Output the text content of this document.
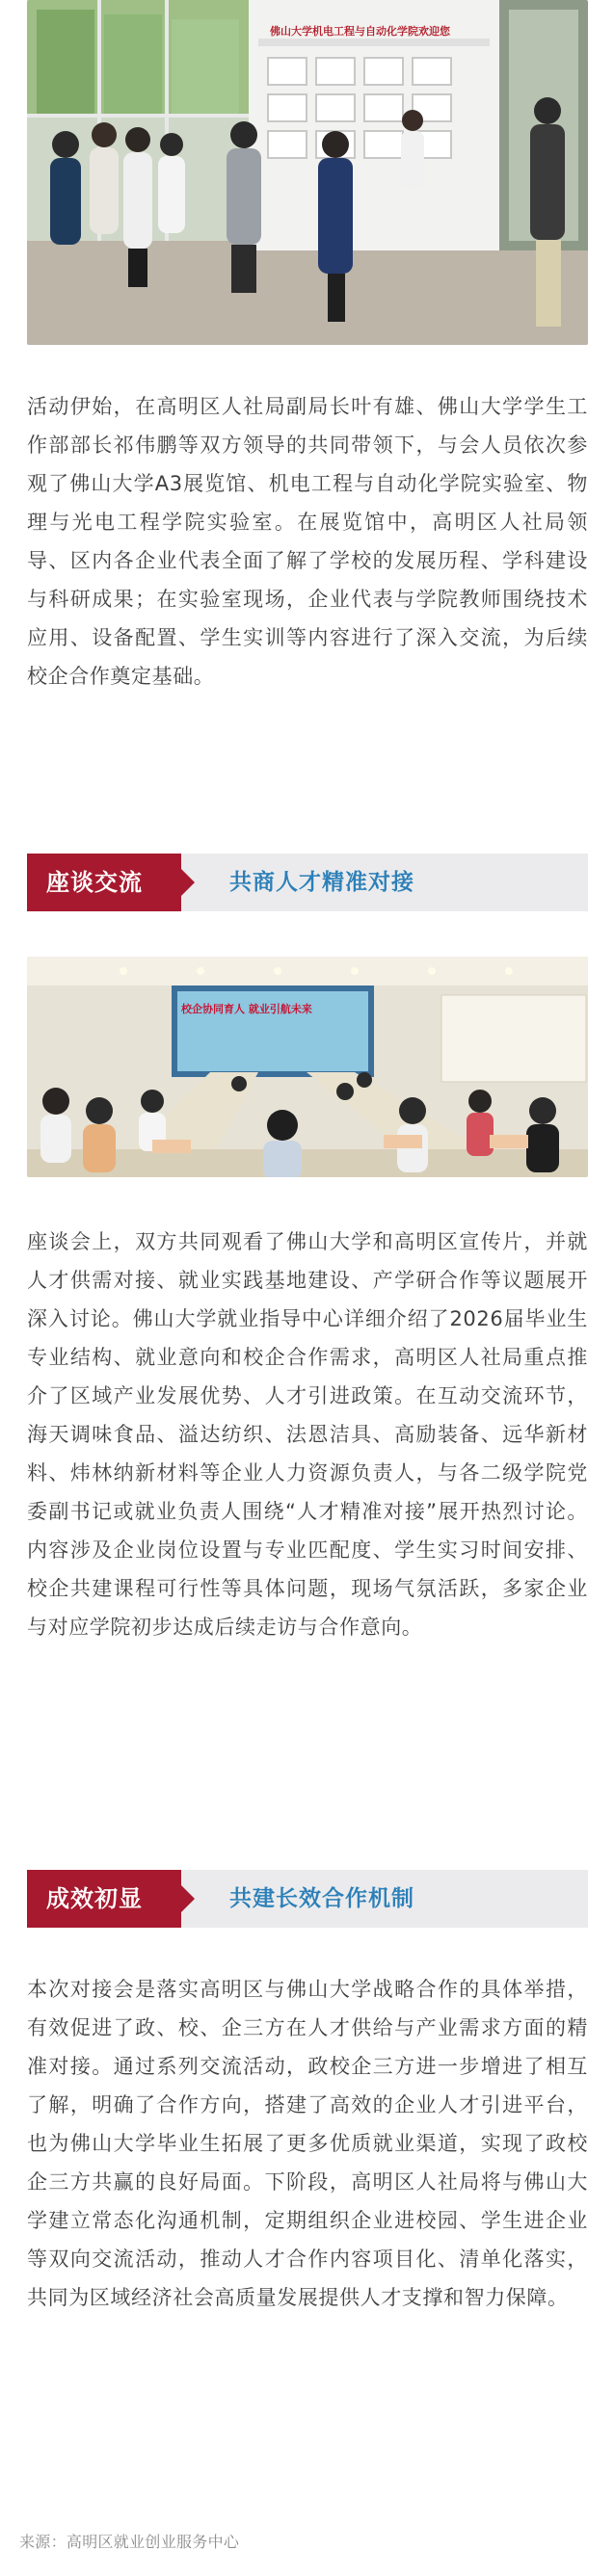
佛山大学机电工程与自动化学院欢迎您

活动伊始，在高明区人社局副局长叶有雄、佛山大学学生工作部部长祁伟鹏等双方领导的共同带领下，与会人员依次参观了佛山大学A3展览馆、机电工程与自动化学院实验室、物理与光电工程学院实验室。在展览馆中，高明区人社局领导、区内各企业代表全面了解了学校的发展历程、学科建设与科研成果；在实验室现场，企业代表与学院教师围绕技术应用、设备配置、学生实训等内容进行了深入交流，为后续校企合作奠定基础。

座谈交流	共商人才精准对接
校企协同育人 就业引航未来

座谈会上，双方共同观看了佛山大学和高明区宣传片，并就人才供需对接、就业实践基地建设、产学研合作等议题展开深入讨论。佛山大学就业指导中心详细介绍了2026届毕业生专业结构、就业意向和校企合作需求，高明区人社局重点推介了区域产业发展优势、人才引进政策。在互动交流环节，海天调味食品、溢达纺织、法恩洁具、高励装备、远华新材料、炜林纳新材料等企业人力资源负责人，与各二级学院党委副书记或就业负责人围绕“人才精准对接”展开热烈讨论。内容涉及企业岗位设置与专业匹配度、学生实习时间安排、校企共建课程可行性等具体问题，现场气氛活跃，多家企业与对应学院初步达成后续走访与合作意向。

成效初显	共建长效合作机制

本次对接会是落实高明区与佛山大学战略合作的具体举措，有效促进了政、校、企三方在人才供给与产业需求方面的精准对接。通过系列交流活动，政校企三方进一步增进了相互了解，明确了合作方向，搭建了高效的企业人才引进平台，也为佛山大学毕业生拓展了更多优质就业渠道，实现了政校企三方共赢的良好局面。下阶段，高明区人社局将与佛山大学建立常态化沟通机制，定期组织企业进校园、学生进企业等双向交流活动，推动人才合作内容项目化、清单化落实，共同为区域经济社会高质量发展提供人才支撑和智力保障。

来源：高明区就业创业服务中心
